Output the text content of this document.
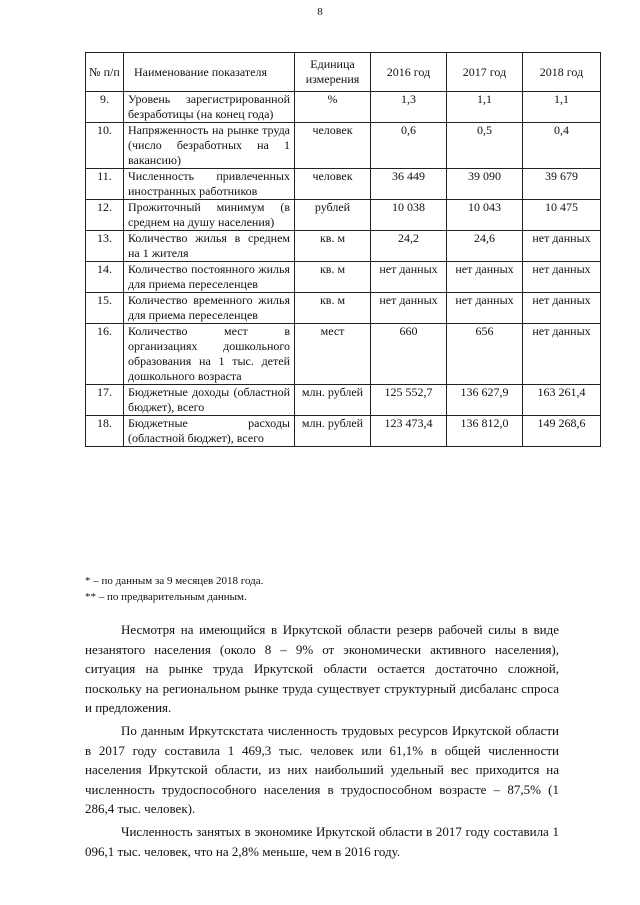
8
№ п/п	Наименование показателя	Единица измерения	2016 год	2017 год	2018 год
9.	Уровень зарегистрированной безработицы (на конец года)	%	1,3	1,1	1,1
10.	Напряженность на рынке труда (число безработных на 1 вакансию)	человек	0,6	0,5	0,4
11.	Численность привлеченных иностранных работников	человек	36 449	39 090	39 679
12.	Прожиточный минимум (в среднем на душу населения)	рублей	10 038	10 043	10 475
13.	Количество жилья в среднем на 1 жителя	кв. м	24,2	24,6	нет данных
14.	Количество постоянного жилья для приема переселенцев	кв. м	нет данных	нет данных	нет данных
15.	Количество временного жилья для приема переселенцев	кв. м	нет данных	нет данных	нет данных
16.	Количество мест в организациях дошкольного образования на 1 тыс. детей дошкольного возраста	мест	660	656	нет данных
17.	Бюджетные доходы (областной бюджет), всего	млн. рублей	125 552,7	136 627,9	163 261,4
18.	Бюджетные расходы (областной бюджет), всего	млн. рублей	123 473,4	136 812,0	149 268,6
* – по данным за 9 месяцев 2018 года.
** – по предварительным данным.

Несмотря на имеющийся в Иркутской области резерв рабочей силы в виде незанятого населения (около 8 – 9% от экономически активного населения), ситуация на рынке труда Иркутской области остается достаточно сложной, поскольку на региональном рынке труда существует структурный дисбаланс спроса и предложения.

По данным Иркутскстата численность трудовых ресурсов Иркутской области в 2017 году составила 1 469,3 тыс. человек или 61,1% в общей численности населения Иркутской области, из них наибольший удельный вес приходится на численность трудоспособного населения в трудоспособном возрасте – 87,5% (1 286,4 тыс. человек).

Численность занятых в экономике Иркутской области в 2017 году составила 1 096,1 тыс. человек, что на 2,8% меньше, чем в 2016 году.
